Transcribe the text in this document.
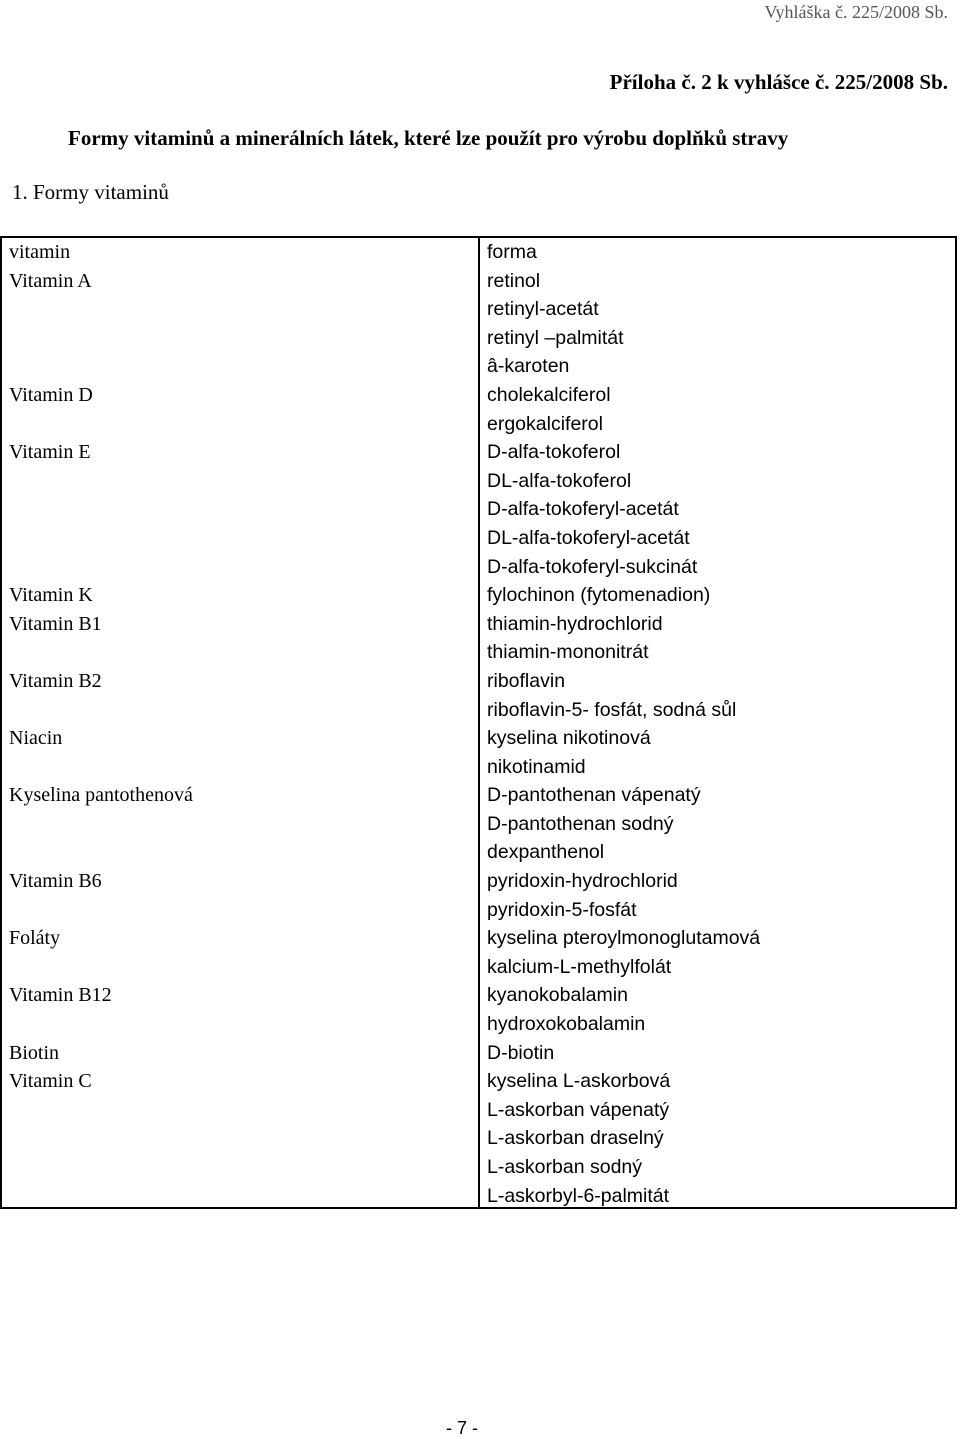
Vyhláška č. 225/2008 Sb.
Příloha č. 2 k vyhlášce č. 225/2008 Sb.
Formy vitaminů a minerálních látek, které lze použít pro výrobu doplňků stravy
1. Formy vitaminů
vitamin
Vitamin A
Vitamin D
Vitamin E
Vitamin K
Vitamin B1
Vitamin B2
Niacin
Kyselina pantothenová
Vitamin B6
Foláty
Vitamin B12
Biotin
Vitamin C
forma
retinol
retinyl-acetát
retinyl –palmitát
â-karoten
cholekalciferol
ergokalciferol
D-alfa-tokoferol
DL-alfa-tokoferol
D-alfa-tokoferyl-acetát
DL-alfa-tokoferyl-acetát
D-alfa-tokoferyl-sukcinát
fylochinon (fytomenadion)
thiamin-hydrochlorid
thiamin-mononitrát
riboflavin
riboflavin-5- fosfát, sodná sůl
kyselina nikotinová
nikotinamid
D-pantothenan vápenatý
D-pantothenan sodný
dexpanthenol
pyridoxin-hydrochlorid
pyridoxin-5-fosfát
kyselina pteroylmonoglutamová
kalcium-L-methylfolát
kyanokobalamin
hydroxokobalamin
D-biotin
kyselina L-askorbová
L-askorban vápenatý
L-askorban draselný
L-askorban sodný
L-askorbyl-6-palmitát
- 7 -
